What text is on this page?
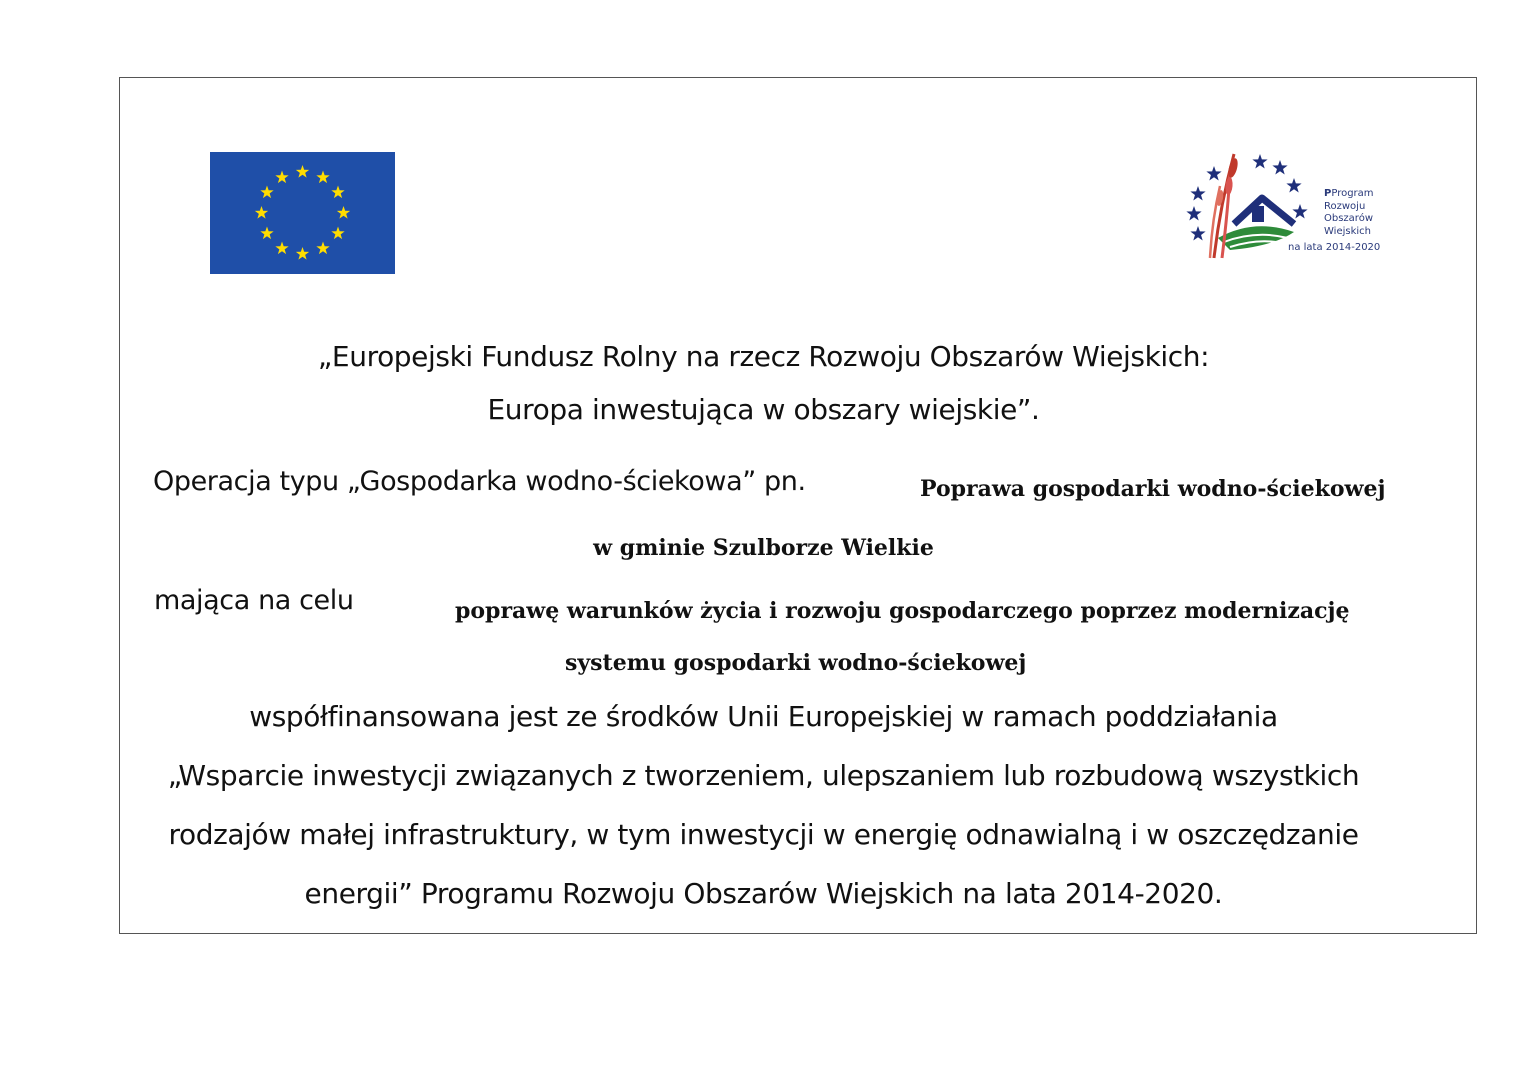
PProgram
Rozwoju
Obszarów
Wiejskich
na lata 2014-2020
„Europejski Fundusz Rolny na rzecz Rozwoju Obszarów Wiejskich:
Europa inwestująca w obszary wiejskie”.
Operacja typu „Gospodarka wodno-ściekowa” pn.	Poprawa gospodarki wodno-ściekowej
w gminie Szulborze Wielkie
mająca na celu	poprawę warunków życia i rozwoju gospodarczego poprzez modernizację
systemu gospodarki wodno-ściekowej
współfinansowana jest ze środków Unii Europejskiej w ramach poddziałania
„Wsparcie inwestycji związanych z tworzeniem, ulepszaniem lub rozbudową wszystkich
rodzajów małej infrastruktury, w tym inwestycji w energię odnawialną i w oszczędzanie
energii” Programu Rozwoju Obszarów Wiejskich na lata 2014-2020.
